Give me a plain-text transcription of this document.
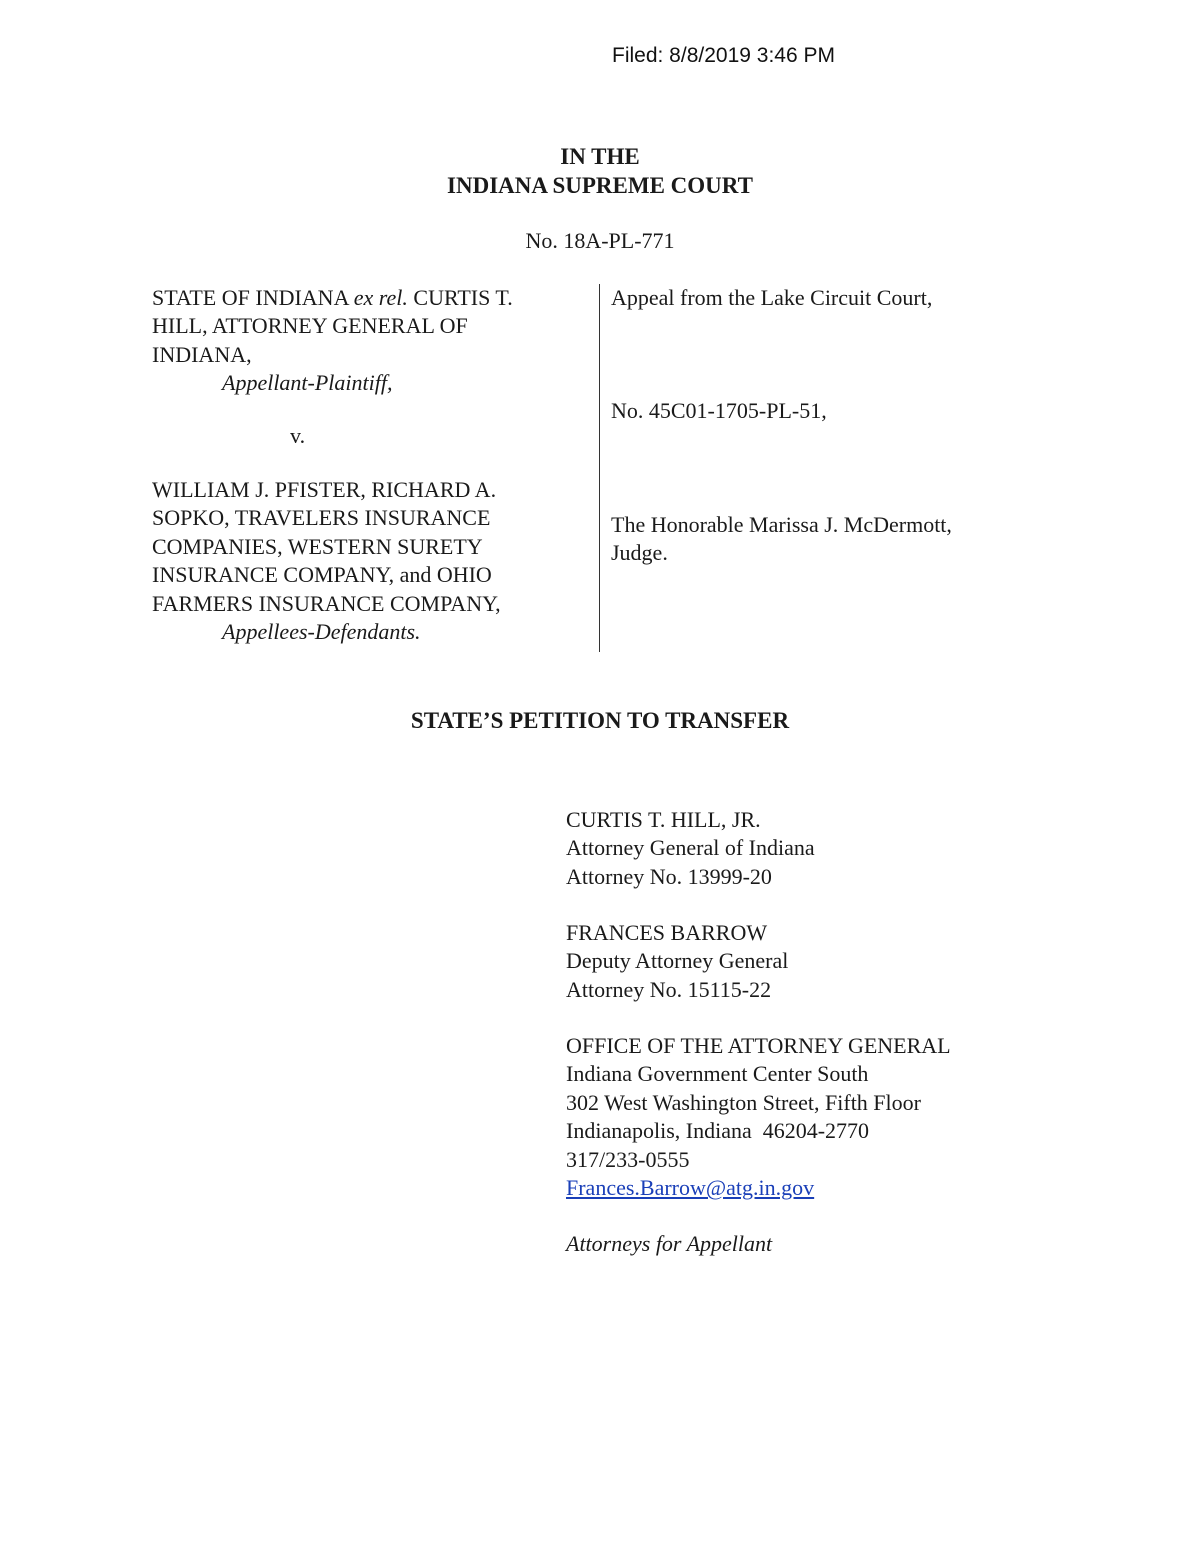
Filed: 8/8/2019 3:46 PM
IN THE
INDIANA SUPREME COURT
No. 18A-PL-771

STATE OF INDIANA ex rel. CURTIS T.

HILL, ATTORNEY GENERAL OF

INDIANA,

Appellant-Plaintiff,

v.

WILLIAM J. PFISTER, RICHARD A.

SOPKO, TRAVELERS INSURANCE

COMPANIES, WESTERN SURETY

INSURANCE COMPANY, and OHIO

FARMERS INSURANCE COMPANY,

Appellees-Defendants.

Appeal from the Lake Circuit Court,
No. 45C01-1705-PL-51,

The Honorable Marissa J. McDermott,

Judge.

STATE’S PETITION TO TRANSFER

CURTIS T. HILL, JR.

Attorney General of Indiana

Attorney No. 13999-20

FRANCES BARROW

Deputy Attorney General

Attorney No. 15115-22

OFFICE OF THE ATTORNEY GENERAL

Indiana Government Center South

302 West Washington Street, Fifth Floor

Indianapolis, Indiana  46204-2770

317/233-0555

Frances.Barrow@atg.in.gov

Attorneys for Appellant
